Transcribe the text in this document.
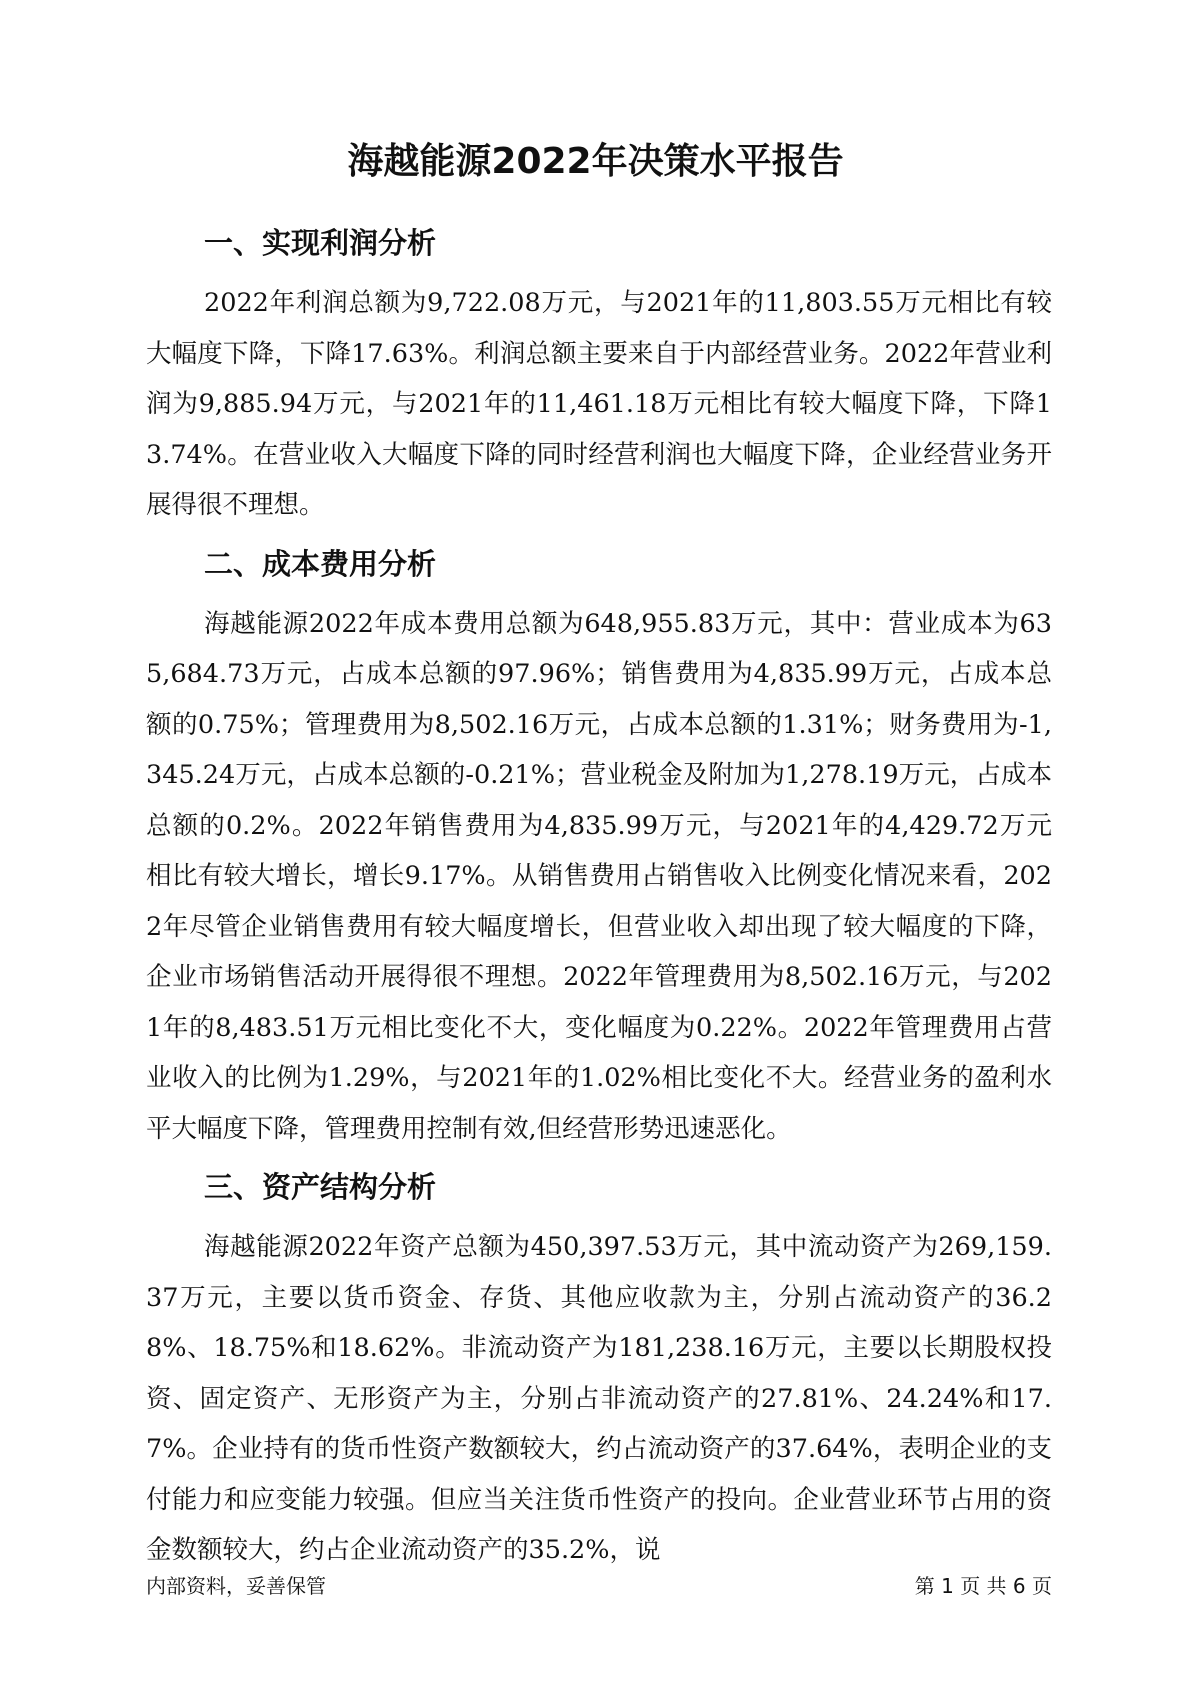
海越能源2022年决策水平报告
一、实现利润分析

2022年利润总额为9,722.08万元，与2021年的11,803.55万元相比有较大幅度下降，下降17.63%。利润总额主要来自于内部经营业务。2022年营业利润为9,885.94万元，与2021年的11,461.18万元相比有较大幅度下降，下降13.74%。在营业收入大幅度下降的同时经营利润也大幅度下降，企业经营业务开展得很不理想。

二、成本费用分析

海越能源2022年成本费用总额为648,955.83万元，其中：营业成本为635,684.73万元，占成本总额的97.96%；销售费用为4,835.99万元，占成本总额的0.75%；管理费用为8,502.16万元，占成本总额的1.31%；财务费用为-1,345.24万元，占成本总额的-0.21%；营业税金及附加为1,278.19万元，占成本总额的0.2%。2022年销售费用为4,835.99万元，与2021年的4,429.72万元相比有较大增长，增长9.17%。从销售费用占销售收入比例变化情况来看，2022年尽管企业销售费用有较大幅度增长，但营业收入却出现了较大幅度的下降，企业市场销售活动开展得很不理想。2022年管理费用为8,502.16万元，与2021年的8,483.51万元相比变化不大，变化幅度为0.22%。2022年管理费用占营业收入的比例为1.29%，与2021年的1.02%相比变化不大。经营业务的盈利水平大幅度下降，管理费用控制有效,但经营形势迅速恶化。

三、资产结构分析

海越能源2022年资产总额为450,397.53万元，其中流动资产为269,159.37万元，主要以货币资金、存货、其他应收款为主，分别占流动资产的36.28%、18.75%和18.62%。非流动资产为181,238.16万元，主要以长期股权投资、固定资产、无形资产为主，分别占非流动资产的27.81%、24.24%和17.7%。企业持有的货币性资产数额较大，约占流动资产的37.64%，表明企业的支付能力和应变能力较强。但应当关注货币性资产的投向。企业营业环节占用的资金数额较大，约占企业流动资产的35.2%，说

内部资料，妥善保管	第 1 页 共 6 页
